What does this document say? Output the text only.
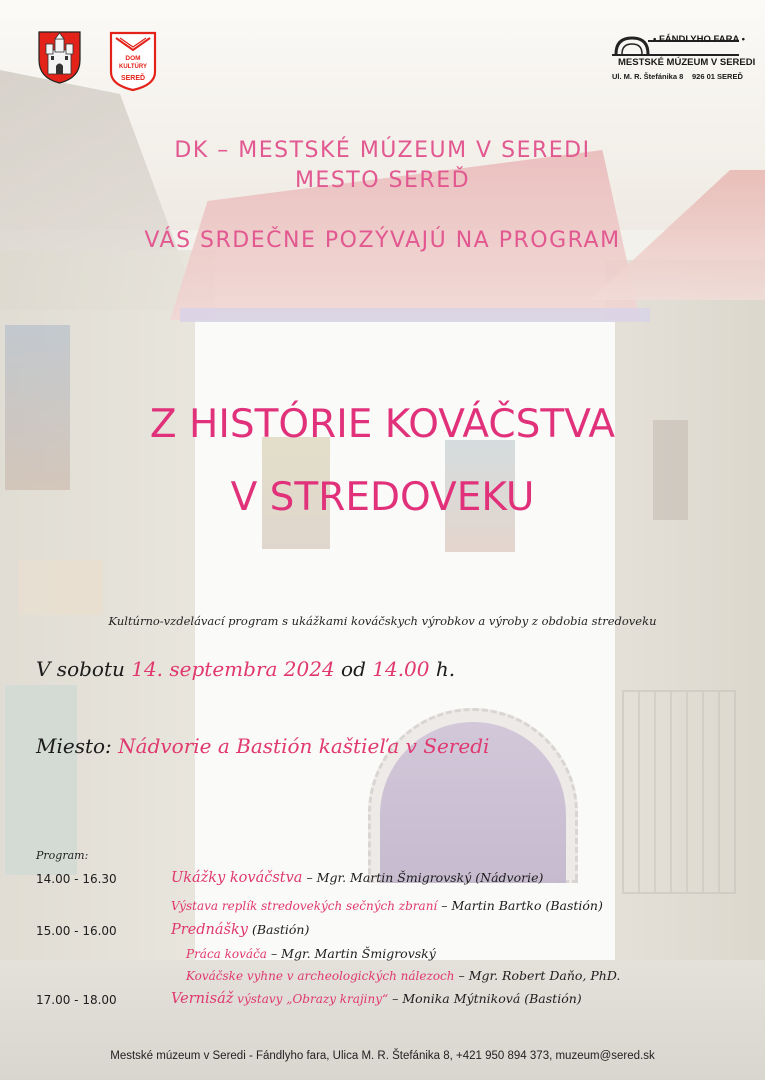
DOM
KULTÚRY
SEREĎ
• FÁNDLYHO FARA •
MESTSKÉ MÚZEUM V SEREDI
Ul. M. R. Štefánika 8 926 01 SEREĎ
DK – MESTSKÉ MÚZEUM V SEREDI
MESTO SEREĎ
VÁS SRDEČNE POZÝVAJÚ NA PROGRAM
Z HISTÓRIE KOVÁČSTVA
V STREDOVEKU
Kultúrno-vzdelávací program s ukážkami kováčskych výrobkov a výroby z obdobia stredoveku
V sobotu 14. septembra 2024 od 14.00 h.
Miesto: Nádvorie a Bastión kaštieľa v Seredi
Program:
14.00 - 16.30	Ukážky kováčstva – Mgr. Martin Šmigrovský (Nádvorie)
Výstava replík stredovekých sečných zbraní – Martin Bartko (Bastión)
15.00 - 16.00	Prednášky (Bastión)
Práca kováča – Mgr. Martin Šmigrovský
Kováčske vyhne v archeologických nálezoch – Mgr. Robert Daňo, PhD.
17.00 - 18.00	Vernisáž výstavy „Obrazy krajiny“ – Monika Mýtniková (Bastión)
Mestské múzeum v Seredi - Fándlyho fara, Ulica M. R. Štefánika 8, +421 950 894 373, muzeum@sered.sk
